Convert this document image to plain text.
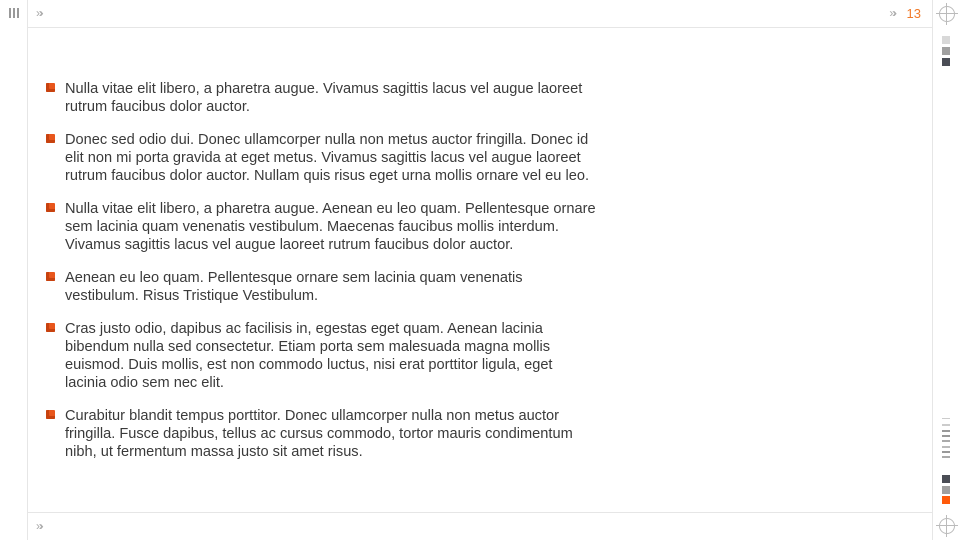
»›	»› 13
»›
Nulla vitae elit libero, a pharetra augue. Vivamus sagittis lacus vel augue laoreet rutrum faucibus dolor auctor.
Donec sed odio dui. Donec ullamcorper nulla non metus auctor fringilla. Donec id elit non mi porta gravida at eget metus. Vivamus sagittis lacus vel augue laoreet rutrum faucibus dolor auctor. Nullam quis risus eget urna mollis ornare vel eu leo.
Nulla vitae elit libero, a pharetra augue. Aenean eu leo quam. Pellentesque ornare sem lacinia quam venenatis vestibulum. Maecenas faucibus mollis interdum. Vivamus sagittis lacus vel augue laoreet rutrum faucibus dolor auctor.
Aenean eu leo quam. Pellentesque ornare sem lacinia quam venenatis vestibulum. Risus Tristique Vestibulum.
Cras justo odio, dapibus ac facilisis in, egestas eget quam. Aenean lacinia bibendum nulla sed consectetur. Etiam porta sem malesuada magna mollis euismod. Duis mollis, est non commodo luctus, nisi erat porttitor ligula, eget lacinia odio sem nec elit.
Curabitur blandit tempus porttitor. Donec ullamcorper nulla non metus auctor fringilla. Fusce dapibus, tellus ac cursus commodo, tortor mauris condimentum nibh, ut fermentum massa justo sit amet risus.
